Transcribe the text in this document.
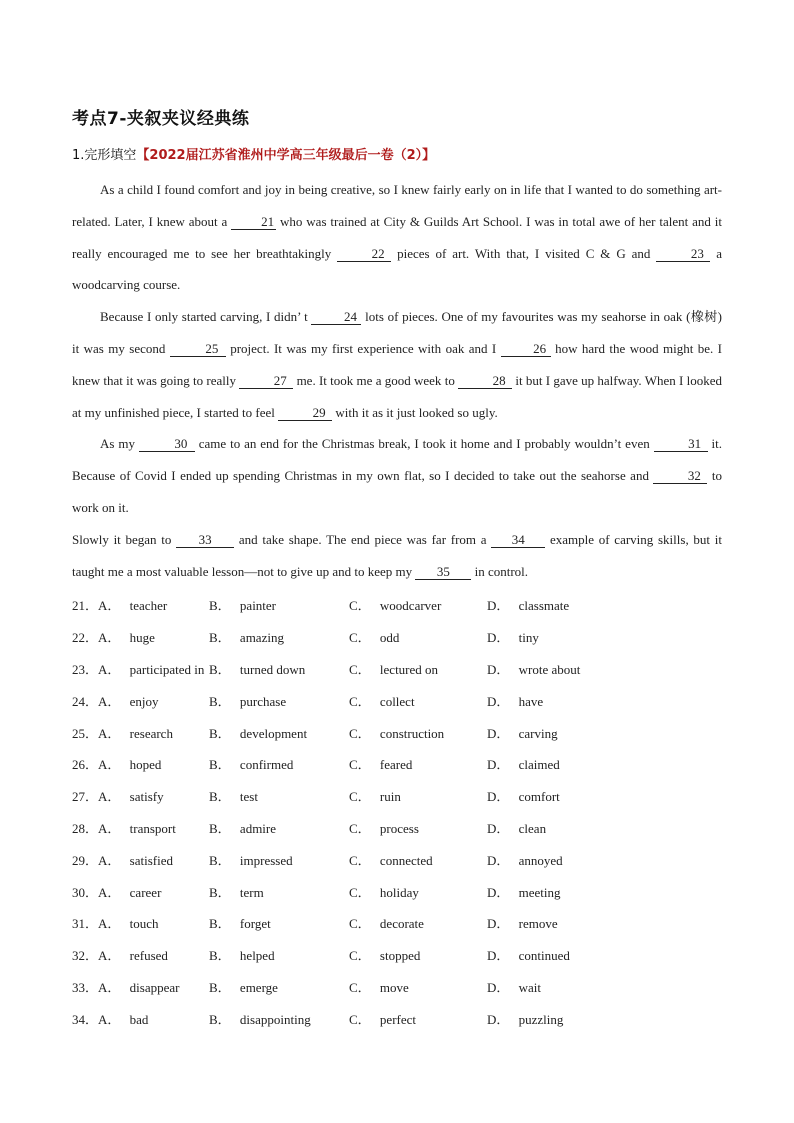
考点7-夹叙夹议经典练
1.完形填空【2022届江苏省淮州中学高三年级最后一卷（2）】

As a child I found comfort and joy in being creative, so I knew fairly early on in life that I wanted to do something art-related. Later, I knew about a 21 who was trained at City & Guilds Art School. I was in total awe of her talent and it really encouraged me to see her breathtakingly	22 pieces of art. With that, I visited C & G and	23 a woodcarving course.

Because I only started carving, I didn’ t	24 lots of pieces. One of my favourites was my seahorse in oak (橡树) it was my second	25 project. It was my first experience with oak and I	26 how hard the wood might be. I knew that it was going to really	27 me. It took me a good week to	28 it but I gave up halfway. When I looked at my unfinished piece, I started to feel	29 with it as it just looked so ugly.

As my	30 came to an end for the Christmas break, I took it home and I probably wouldn’t even	31 it. Because of Covid I ended up spending Christmas in my own flat, so I decided to take out the seahorse and	32 to work on it.

Slowly it began to 33 and take shape. The end piece was far from a 34 example of carving skills, but it taught me a most valuable lesson—not to give up and to keep my 35 in control.

21．A． teacher	B． painter	C． woodcarver	D． classmate
22．A． huge	B． amazing	C． odd	D． tiny
23．A． participated in B． turned down	C． lectured on	D． wrote about
24．A． enjoy	B． purchase	C． collect	D． have
25．A． research	B． development	C． construction	D． carving
26．A． hoped	B． confirmed	C． feared	D． claimed
27．A． satisfy	B． test	C． ruin	D． comfort
28．A． transport	B． admire	C． process	D． clean
29．A． satisfied	B． impressed	C． connected	D． annoyed
30．A． career	B． term	C． holiday	D． meeting
31．A． touch	B． forget	C． decorate	D． remove
32．A． refused	B． helped	C． stopped	D． continued
33．A． disappear	B． emerge	C． move	D． wait
34．A． bad	B． disappointing	C． perfect	D． puzzling
